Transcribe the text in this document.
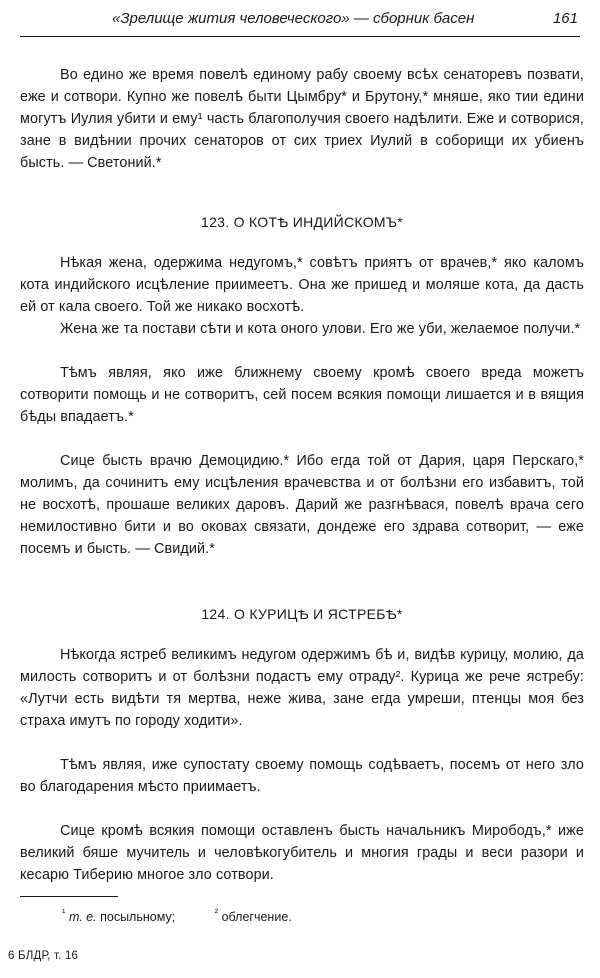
«Зрелище жития человеческого» — сборник басен	161

Во едино же время повелѣ единому рабу своему всѣх сенаторевъ позвати, еже и сотвори. Купно же повелѣ быти Цымбру* и Брутону,* мняше, яко тии едини могутъ Иулия убити и ему¹ часть благополучия своего надѣлити. Еже и сотворися, зане в видѣнии прочих сенаторов от сих триех Иулий в соборищи их убиенъ бысть. — Светоний.*

123. О КОТѢ ИНДИЙСКОМЪ*

Нѣкая жена, одержима недугомъ,* совѣтъ приятъ от врачев,* яко каломъ кота индийского исцѣление приимеетъ. Она же пришед и моляше кота, да дасть ей от кала своего. Той же никако восхотѣ.

Жена же та постави сѣти и кота оного улови. Его же уби, желаемое получи.*

Тѣмъ являя, яко иже ближнему своему кромѣ своего вреда можетъ сотворити помощь и не сотворитъ, сей посем всякия помощи лишается и в вящия бѣды впадаетъ.*

Сице бысть врачю Демоцидию.* Ибо егда той от Дария, царя Перскаго,* молимъ, да сочинитъ ему исцѣления врачевства и от болѣзни его избавитъ, той не восхотѣ, прошаше великих даровъ. Дарий же разгнѣвася, повелѣ врача сего немилостивно бити и во оковах связати, дондеже его здрава сотворит, — еже посемъ и бысть. — Свидий.*

124. О КУРИЦѢ И ЯСТРЕБѢ*

Нѣкогда ястреб великимъ недугом одержимъ бѣ и, видѣв курицу, молию, да милость сотворитъ и от болѣзни подастъ ему отраду². Курица же рече ястребу: «Лутчи есть видѣти тя мертва, неже жива, зане егда умреши, птенцы моя без страха имутъ по городу ходити».

Тѣмъ являя, иже супостату своему помощь содѣваетъ, посемъ от него зло во благодарения мѣсто приимаетъ.

Сице кромѣ всякия помощи оставленъ бысть начальникъ Мирободъ,* иже великий бяше мучитель и человѣкогубитель и многия грады и веси разори и кесарю Тиберию многое зло сотвори.

$^{^1}$ т. е. посыльному;	$^{^2}$ облегчение.
6 БЛДР, т. 16
